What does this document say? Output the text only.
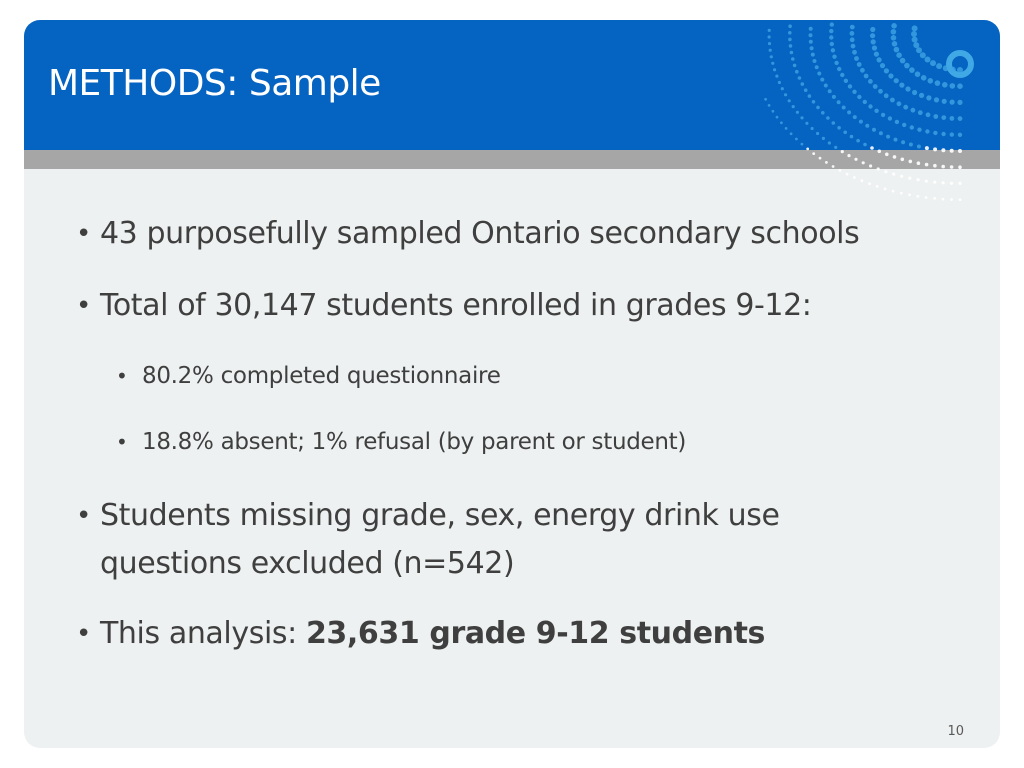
METHODS: Sample
• 43 purposefully sampled Ontario secondary schools
• Total of 30,147 students enrolled in grades 9-12:
• 80.2% completed questionnaire
• 18.8% absent; 1% refusal (by parent or student)
• Students missing grade, sex, energy drink use questions excluded (n=542)
• This analysis: 23,631 grade 9-12 students
10
